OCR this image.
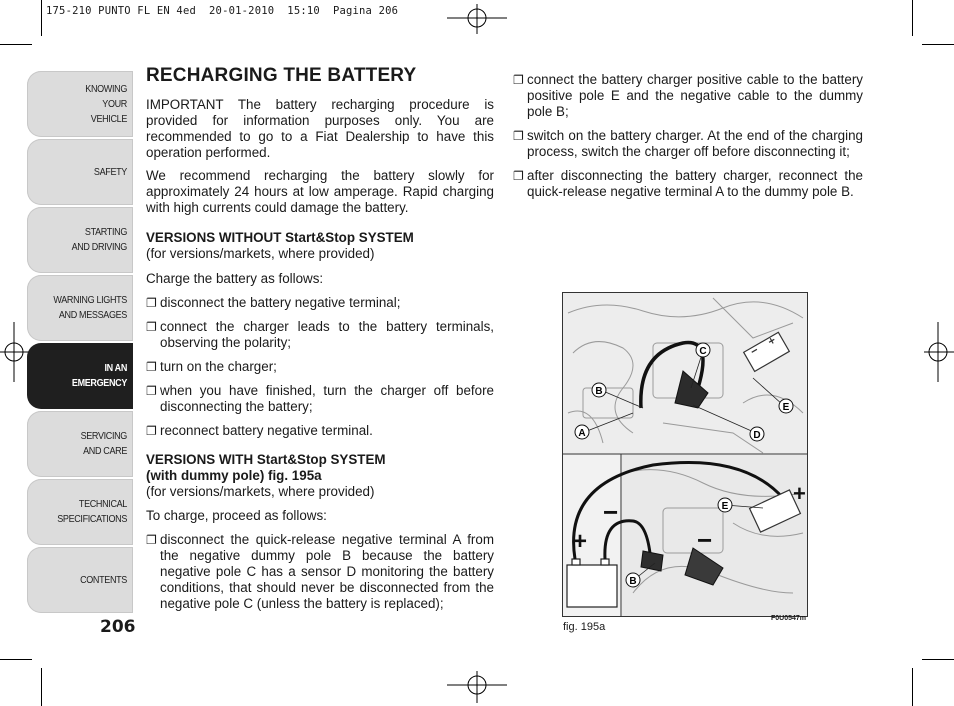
175-210 PUNTO FL EN 4ed  20-01-2010  15:10  Pagina 206
KNOWING
YOUR
VEHICLE
SAFETY
STARTING
AND DRIVING
WARNING LIGHTS
AND MESSAGES
IN AN
EMERGENCY
SERVICING
AND CARE
TECHNICAL
SPECIFICATIONS
CONTENTS
206
RECHARGING THE BATTERY
IMPORTANT The battery recharging procedure is provided for information purposes only. You are recommended to go to a Fiat Dealership to have this operation performed.
We recommend recharging the battery slowly for approximately 24 hours at low amperage. Rapid charging with high currents could damage the battery.
VERSIONS WITHOUT Start&Stop SYSTEM
(for versions/markets, where provided)
Charge the battery as follows:
❐ disconnect the battery negative terminal;
❐ connect the charger leads to the battery terminals, observing the polarity;
❐ turn on the charger;
❐ when you have finished, turn the charger off before disconnecting the battery;
❐ reconnect battery negative terminal.
VERSIONS WITH Start&Stop SYSTEM
(with dummy pole) fig. 195a
(for versions/markets, where provided)
To charge, proceed as follows:
❐ disconnect the quick-release negative terminal A from the negative dummy pole B because the battery negative pole C has a sensor D monitoring the battery conditions, that should never be disconnected from the negative pole C (unless the battery is replaced);
❐ connect the battery charger positive cable to the battery positive pole E and the negative cable to the dummy pole B;
❐ switch on the battery charger. At the end of the charging process, switch the charger off before disconnecting it;
❐ after disconnecting the battery charger, reconnect the quick-release negative terminal A to the dummy pole B.
C
B
E
A	D
+
−
+	−
E
B
F0U0547m
fig. 195a
